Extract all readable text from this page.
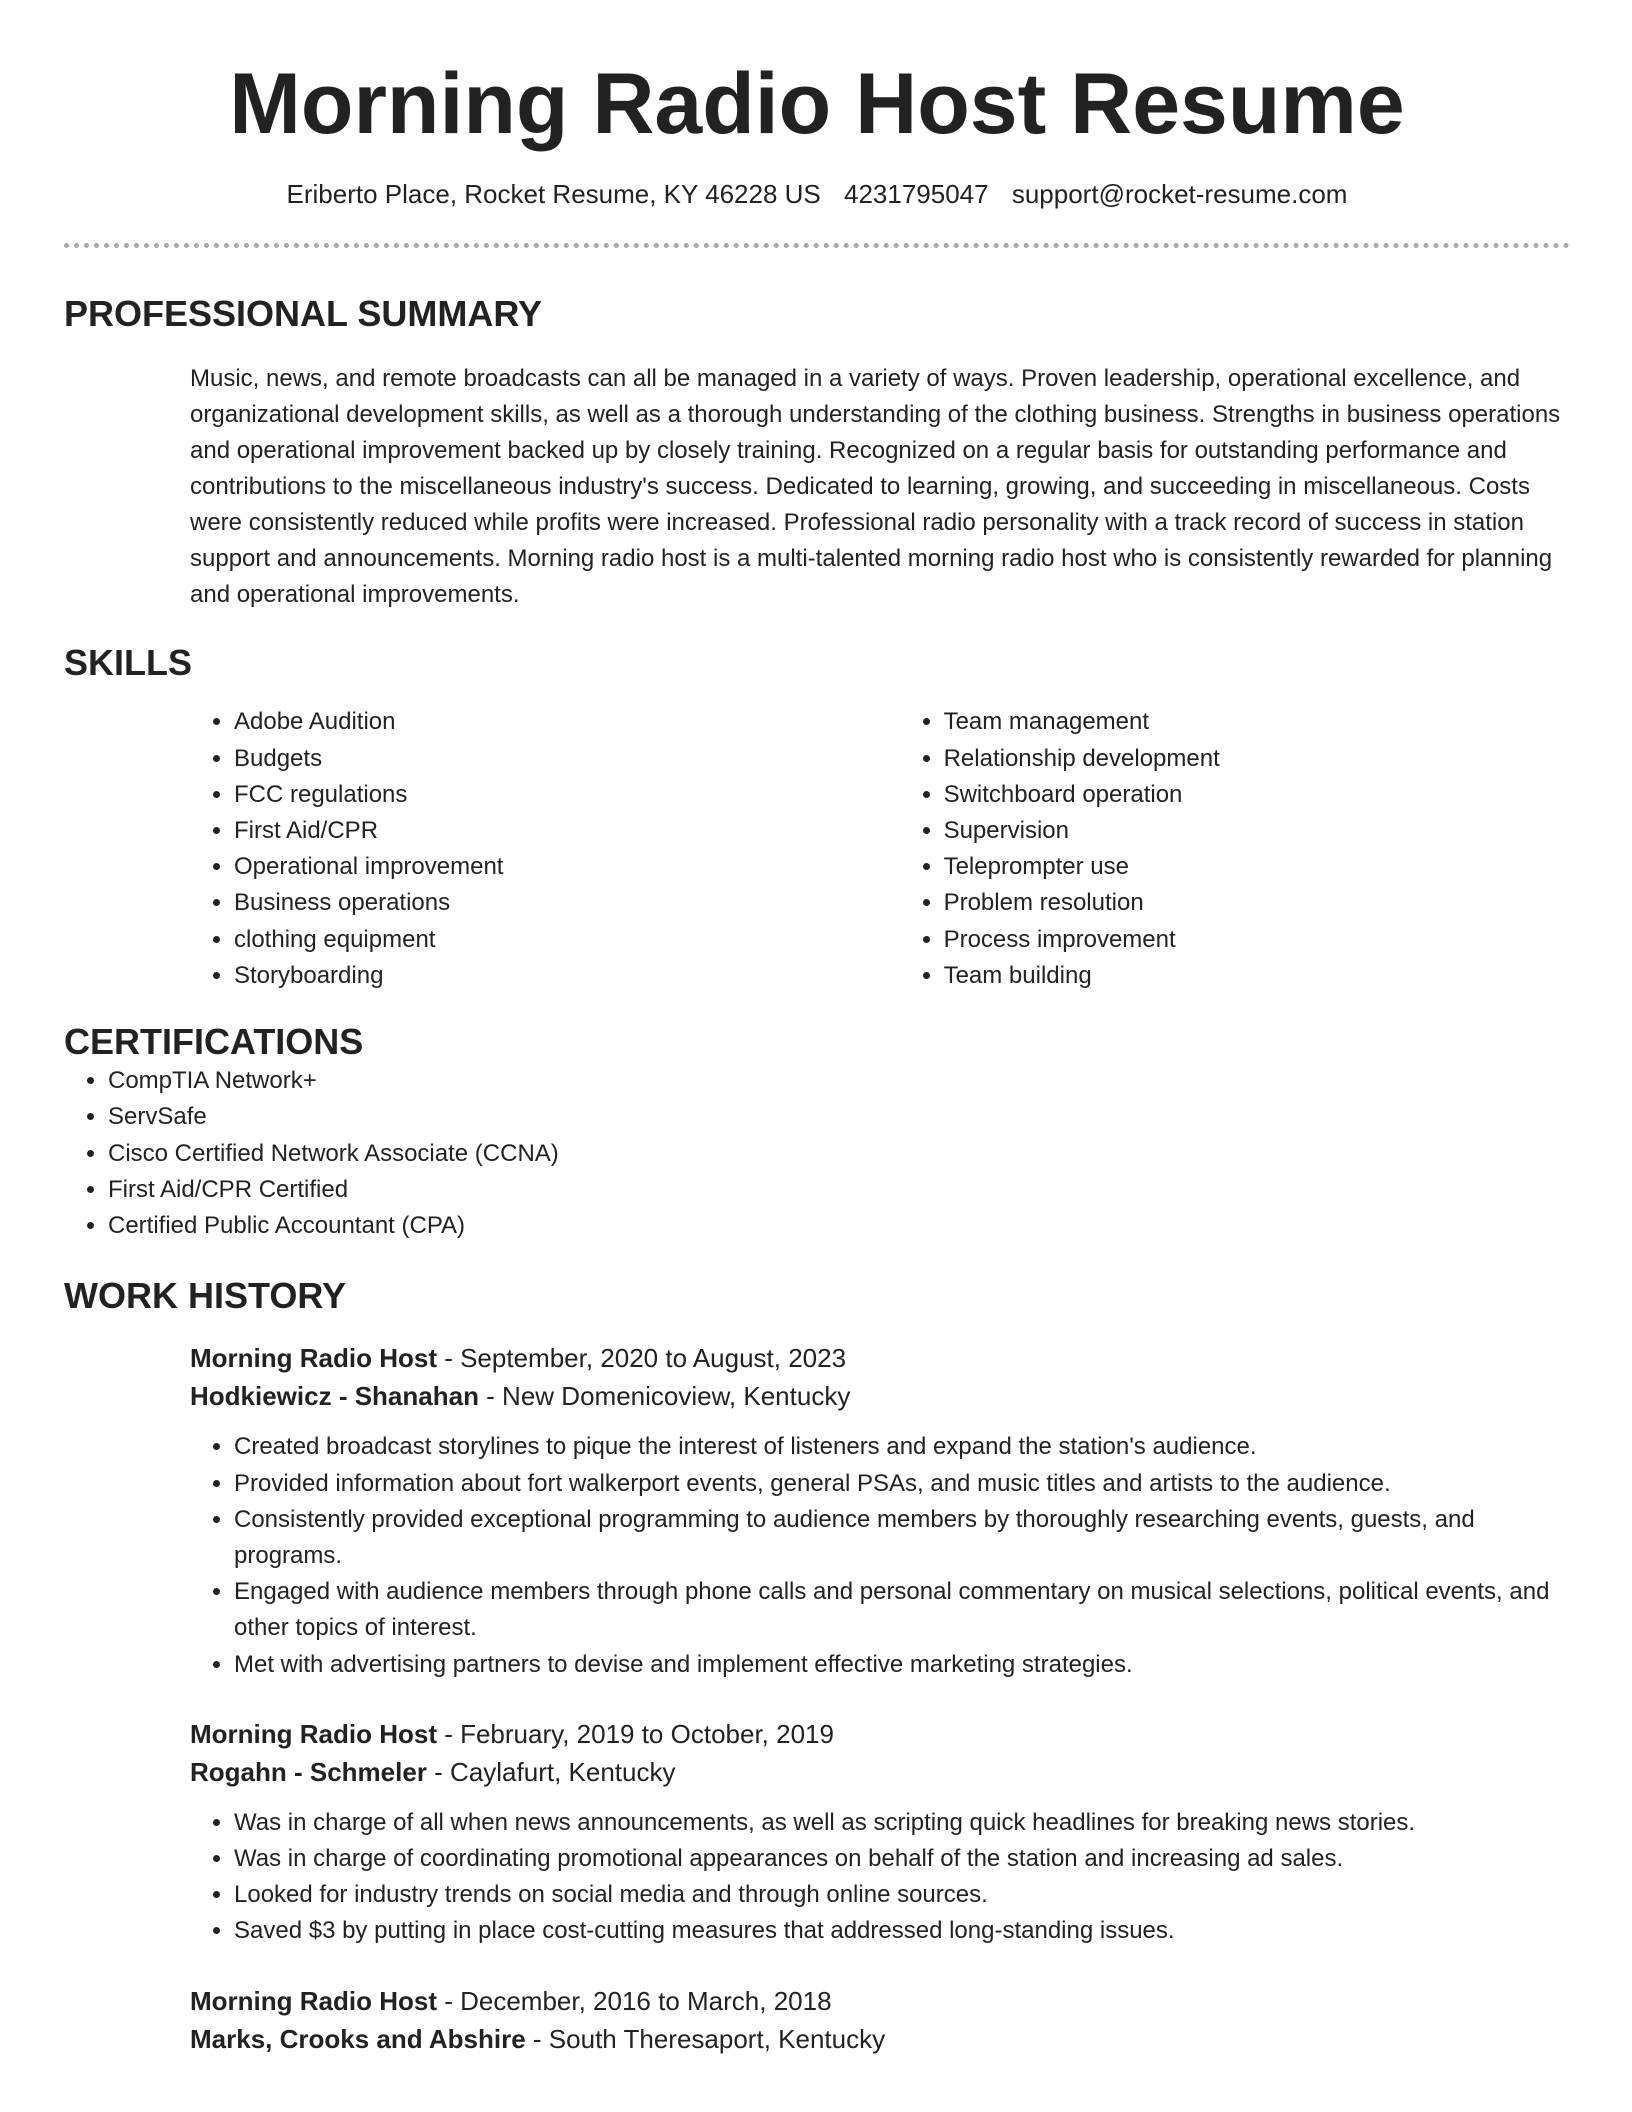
Morning Radio Host Resume
Eriberto Place, Rocket Resume, KY 46228 US 4231795047 support@rocket-resume.com
PROFESSIONAL SUMMARY

Music, news, and remote broadcasts can all be managed in a variety of ways. Proven leadership, operational excellence, and organizational development skills, as well as a thorough understanding of the clothing business. Strengths in business operations and operational improvement backed up by closely training. Recognized on a regular basis for outstanding performance and contributions to the miscellaneous industry's success. Dedicated to learning, growing, and succeeding in miscellaneous. Costs were consistently reduced while profits were increased. Professional radio personality with a track record of success in station support and announcements. Morning radio host is a multi-talented morning radio host who is consistently rewarded for planning and operational improvements.

SKILLS
• Adobe Audition
• Budgets
• FCC regulations
• First Aid/CPR
• Operational improvement
• Business operations
• clothing equipment
• Storyboarding
• Team management
• Relationship development
• Switchboard operation
• Supervision
• Teleprompter use
• Problem resolution
• Process improvement
• Team building
CERTIFICATIONS
• CompTIA Network+
• ServSafe
• Cisco Certified Network Associate (CCNA)
• First Aid/CPR Certified
• Certified Public Accountant (CPA)
WORK HISTORY
Morning Radio Host - September, 2020 to August, 2023
Hodkiewicz - Shanahan - New Domenicoview, Kentucky
• Created broadcast storylines to pique the interest of listeners and expand the station's audience.
• Provided information about fort walkerport events, general PSAs, and music titles and artists to the audience.
• Consistently provided exceptional programming to audience members by thoroughly researching events, guests, and programs.
• Engaged with audience members through phone calls and personal commentary on musical selections, political events, and other topics of interest.
• Met with advertising partners to devise and implement effective marketing strategies.
Morning Radio Host - February, 2019 to October, 2019
Rogahn - Schmeler - Caylafurt, Kentucky
• Was in charge of all when news announcements, as well as scripting quick headlines for breaking news stories.
• Was in charge of coordinating promotional appearances on behalf of the station and increasing ad sales.
• Looked for industry trends on social media and through online sources.
• Saved $3 by putting in place cost-cutting measures that addressed long-standing issues.
Morning Radio Host - December, 2016 to March, 2018
Marks, Crooks and Abshire - South Theresaport, Kentucky
